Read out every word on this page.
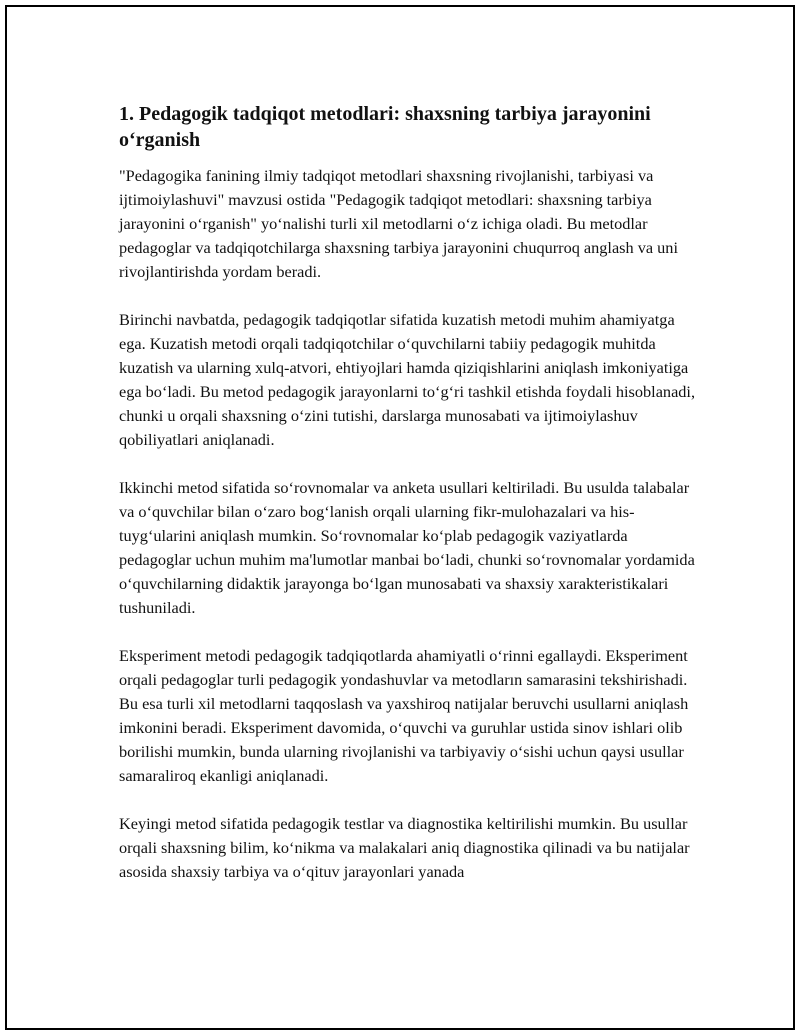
1. Pedagogik tadqiqot metodlari: shaxsning tarbiya jarayonini o‘rganish

"Pedagogika fanining ilmiy tadqiqot metodlari shaxsning rivojlanishi, tarbiyasi va ijtimoiylashuvi" mavzusi ostida "Pedagogik tadqiqot metodlari: shaxsning tarbiya jarayonini o‘rganish" yo‘nalishi turli xil metodlarni o‘z ichiga oladi. Bu metodlar pedagoglar va tadqiqotchilarga shaxsning tarbiya jarayonini chuqurroq anglash va uni rivojlantirishda yordam beradi.

Birinchi navbatda, pedagogik tadqiqotlar sifatida kuzatish metodi muhim ahamiyatga ega. Kuzatish metodi orqali tadqiqotchilar o‘quvchilarni tabiiy pedagogik muhitda kuzatish va ularning xulq-atvori, ehtiyojlari hamda qiziqishlarini aniqlash imkoniyatiga ega bo‘ladi. Bu metod pedagogik jarayonlarni to‘g‘ri tashkil etishda foydali hisoblanadi, chunki u orqali shaxsning o‘zini tutishi, darslarga munosabati va ijtimoiylashuv qobiliyatlari aniqlanadi.

Ikkinchi metod sifatida so‘rovnomalar va anketa usullari keltiriladi. Bu usulda talabalar va o‘quvchilar bilan o‘zaro bog‘lanish orqali ularning fikr-mulohazalari va his-tuyg‘ularini aniqlash mumkin. So‘rovnomalar ko‘plab pedagogik vaziyatlarda pedagoglar uchun muhim ma'lumotlar manbai bo‘ladi, chunki so‘rovnomalar yordamida o‘quvchilarning didaktik jarayonga bo‘lgan munosabati va shaxsiy xarakteristikalari tushuniladi.

Eksperiment metodi pedagogik tadqiqotlarda ahamiyatli o‘rinni egallaydi. Eksperiment orqali pedagoglar turli pedagogik yondashuvlar va metodların samarasini tekshirishadi. Bu esa turli xil metodlarni taqqoslash va yaxshiroq natijalar beruvchi usullarni aniqlash imkonini beradi. Eksperiment davomida, o‘quvchi va guruhlar ustida sinov ishlari olib borilishi mumkin, bunda ularning rivojlanishi va tarbiyaviy o‘sishi uchun qaysi usullar samaraliroq ekanligi aniqlanadi.

Keyingi metod sifatida pedagogik testlar va diagnostika keltirilishi mumkin. Bu usullar orqali shaxsning bilim, ko‘nikma va malakalari aniq diagnostika qilinadi va bu natijalar asosida shaxsiy tarbiya va o‘qituv jarayonlari yanada
